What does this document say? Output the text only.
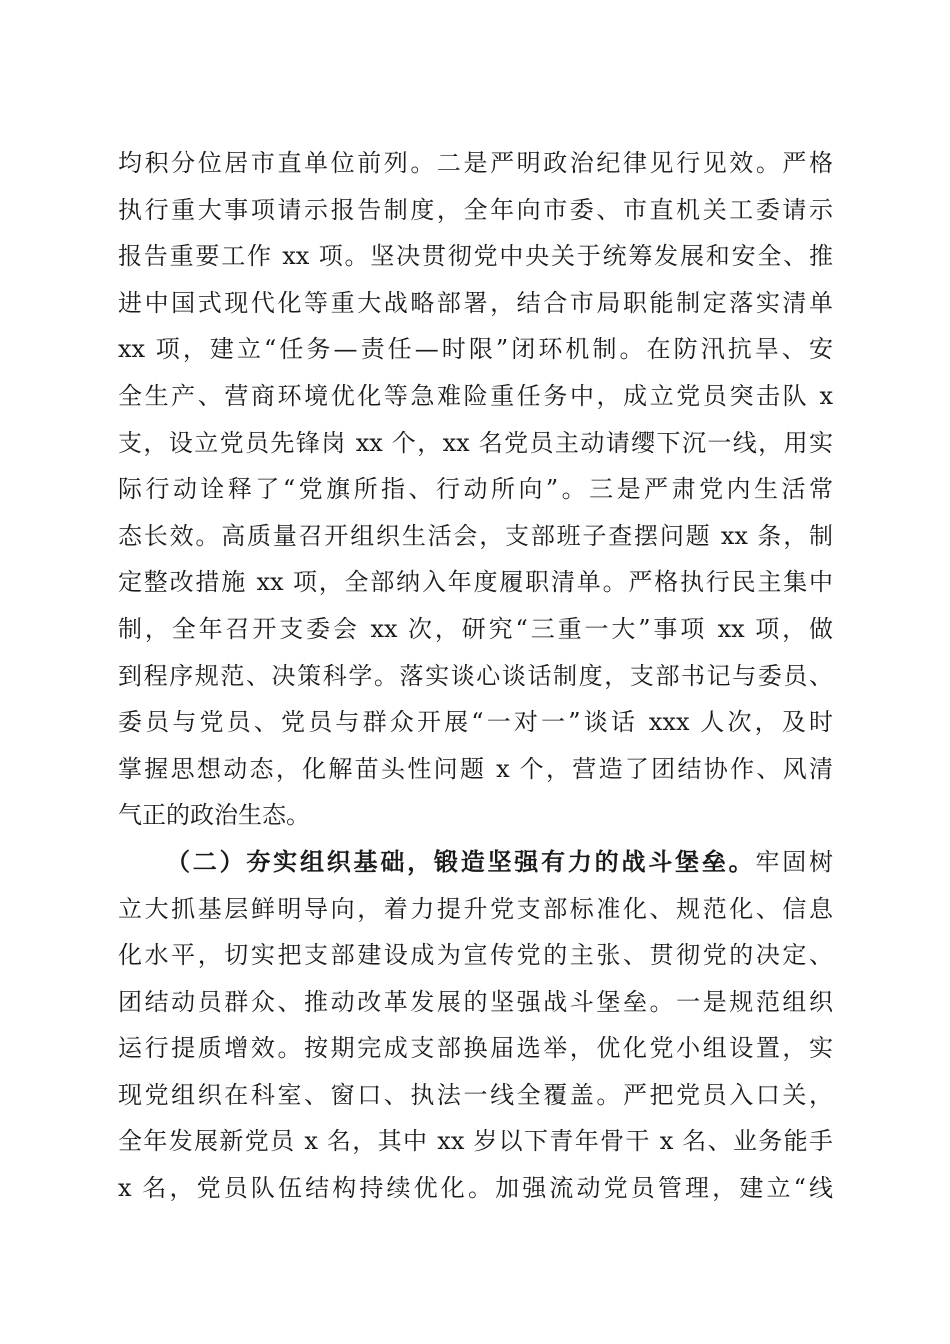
均积分位居市直单位前列。二是严明政治纪律见行见效。严格
执行重大事项请示报告制度，全年向市委、市直机关工委请示
报告重要工作 xx 项。坚决贯彻党中央关于统筹发展和安全、推
进中国式现代化等重大战略部署，结合市局职能制定落实清单
xx 项，建立“任务—责任—时限”闭环机制。在防汛抗旱、安
全生产、营商环境优化等急难险重任务中，成立党员突击队 x
支，设立党员先锋岗 xx 个，xx 名党员主动请缨下沉一线，用实
际行动诠释了“党旗所指、行动所向”。三是严肃党内生活常
态长效。高质量召开组织生活会，支部班子查摆问题 xx 条，制
定整改措施 xx 项，全部纳入年度履职清单。严格执行民主集中
制，全年召开支委会 xx 次，研究“三重一大”事项 xx 项，做
到程序规范、决策科学。落实谈心谈话制度，支部书记与委员、
委员与党员、党员与群众开展“一对一”谈话 xxx 人次，及时
掌握思想动态，化解苗头性问题 x 个，营造了团结协作、风清
气正的政治生态。
（二）夯实组织基础，锻造坚强有力的战斗堡垒。牢固树
立大抓基层鲜明导向，着力提升党支部标准化、规范化、信息
化水平，切实把支部建设成为宣传党的主张、贯彻党的决定、
团结动员群众、推动改革发展的坚强战斗堡垒。一是规范组织
运行提质增效。按期完成支部换届选举，优化党小组设置，实
现党组织在科室、窗口、执法一线全覆盖。严把党员入口关，
全年发展新党员 x 名，其中 xx 岁以下青年骨干 x 名、业务能手
x 名，党员队伍结构持续优化。加强流动党员管理，建立“线
